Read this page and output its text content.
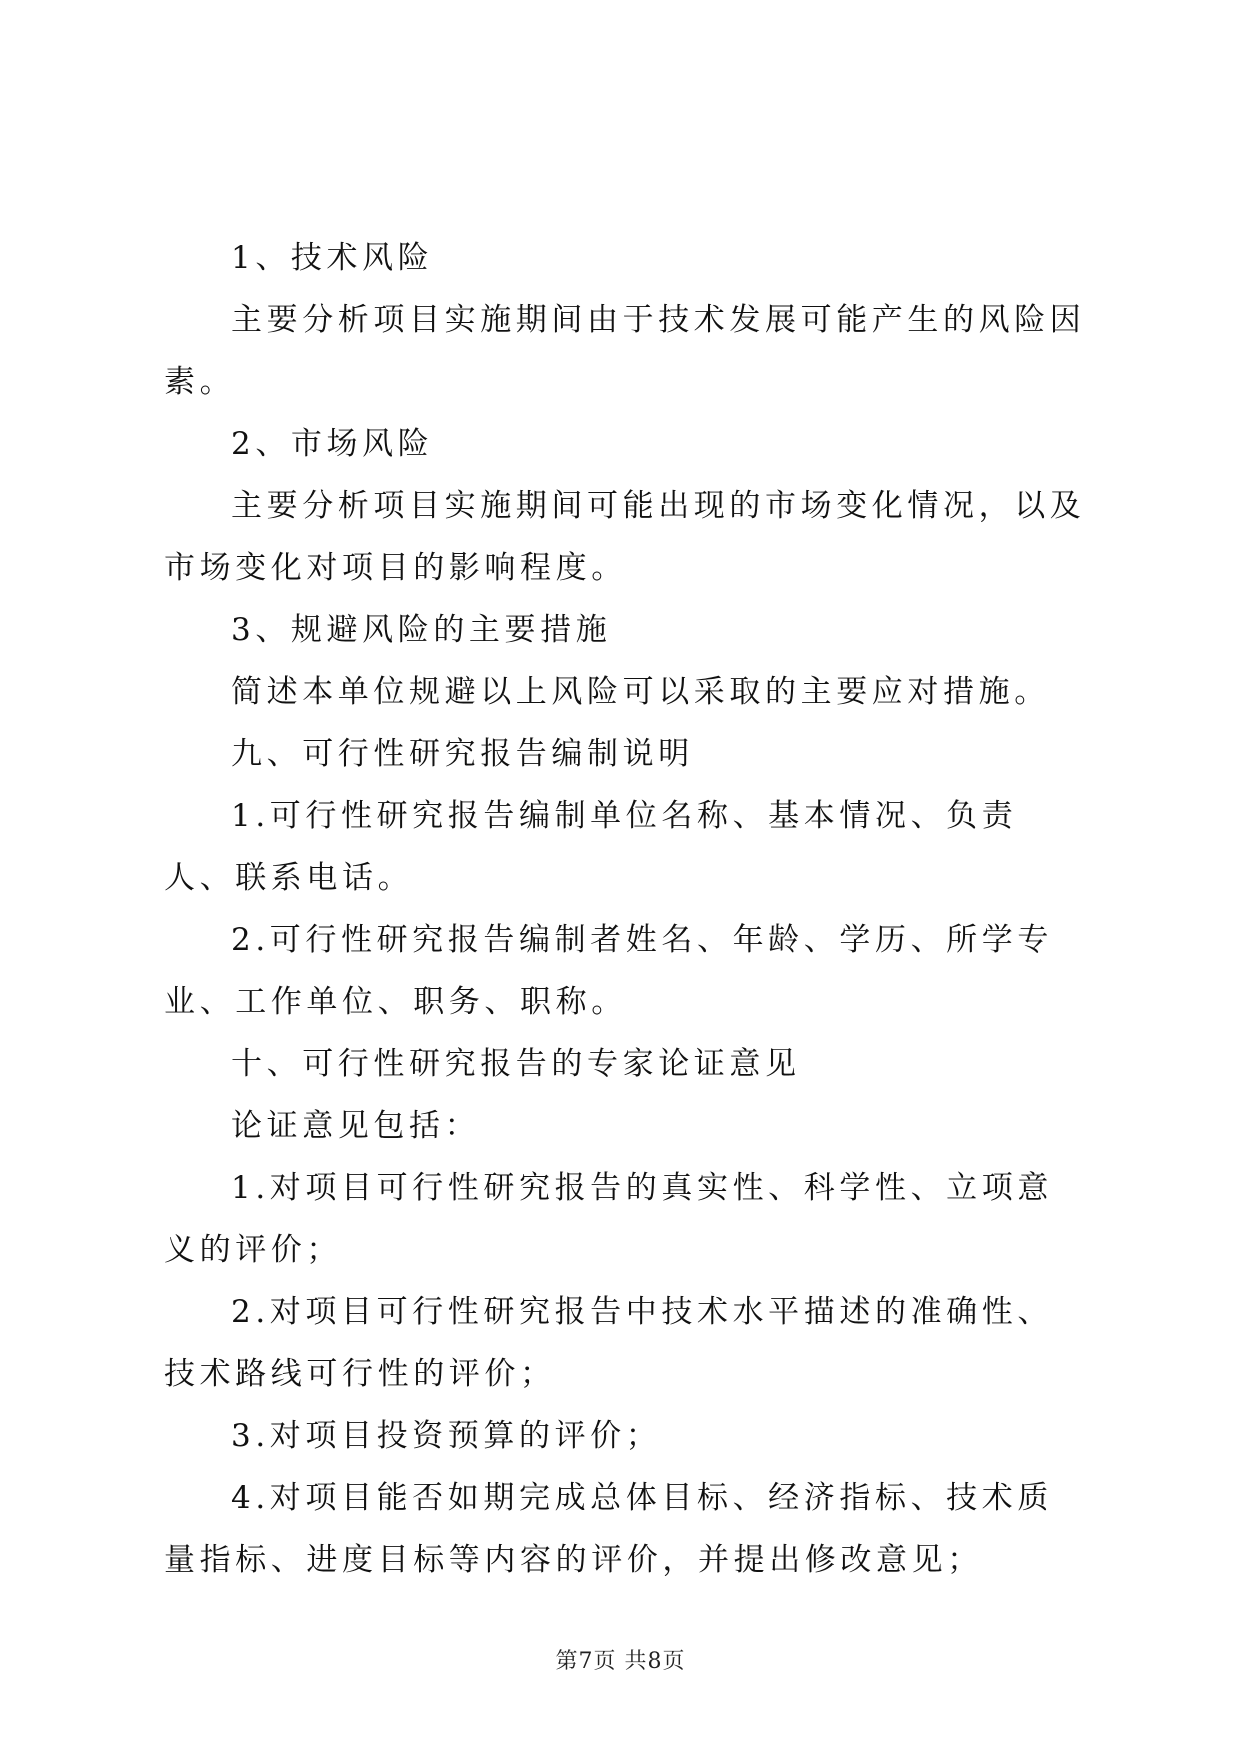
1、技术风险

主要分析项目实施期间由于技术发展可能产生的风险因素。

2、市场风险

主要分析项目实施期间可能出现的市场变化情况，以及市场变化对项目的影响程度。

3、规避风险的主要措施

简述本单位规避以上风险可以采取的主要应对措施。

九、可行性研究报告编制说明

1.可行性研究报告编制单位名称、基本情况、负责人、联系电话。

2.可行性研究报告编制者姓名、年龄、学历、所学专业、工作单位、职务、职称。

十、可行性研究报告的专家论证意见

论证意见包括：

1.对项目可行性研究报告的真实性、科学性、立项意义的评价；

2.对项目可行性研究报告中技术水平描述的准确性、技术路线可行性的评价；

3.对项目投资预算的评价；

4.对项目能否如期完成总体目标、经济指标、技术质量指标、进度目标等内容的评价，并提出修改意见；

第7页 共8页
